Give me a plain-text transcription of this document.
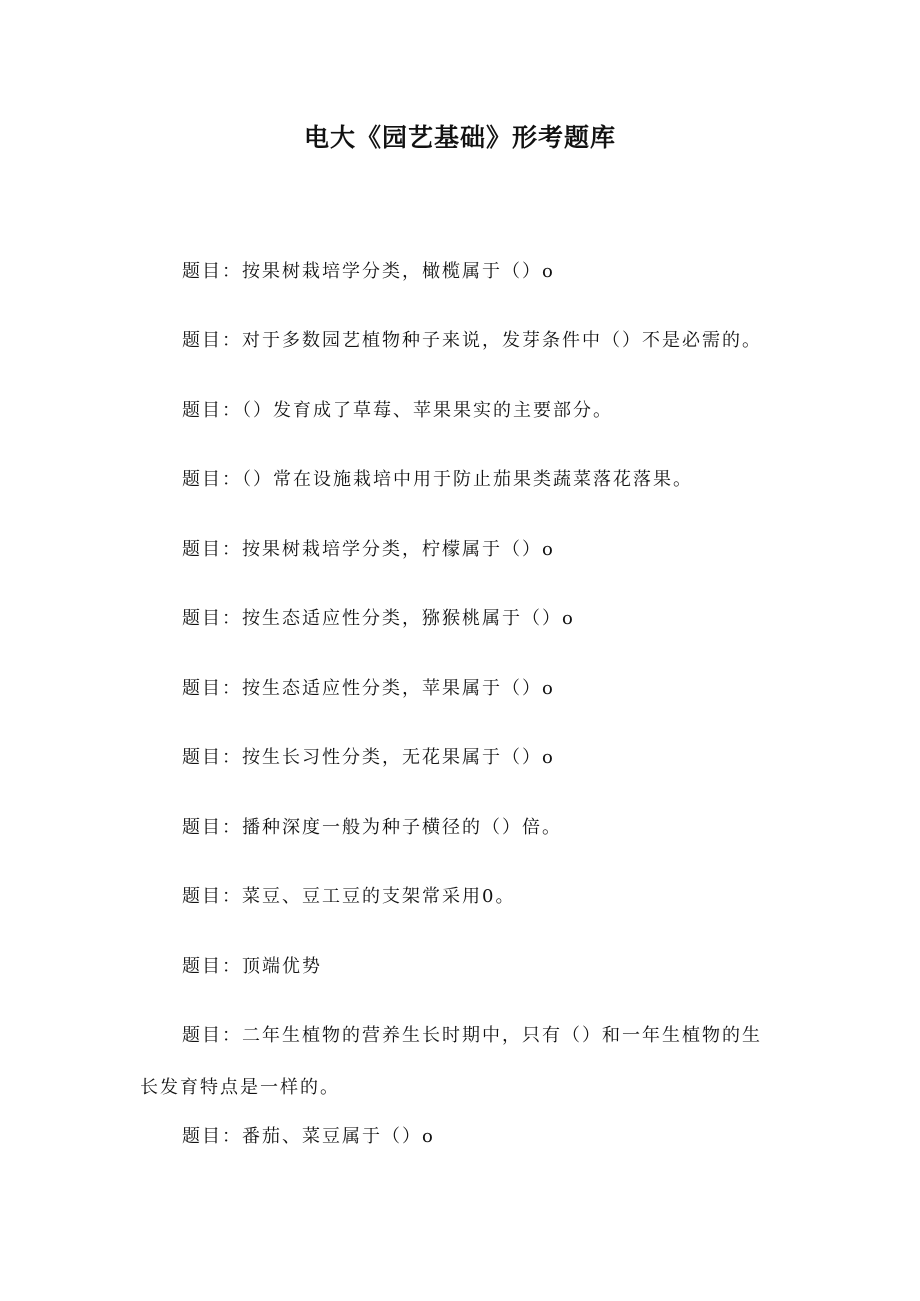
电大《园艺基础》形考题库

题目：按果树栽培学分类，橄榄属于（）o

题目：对于多数园艺植物种子来说，发芽条件中（）不是必需的。

题目：（）发育成了草莓、苹果果实的主要部分。

题目：（）常在设施栽培中用于防止茄果类蔬菜落花落果。

题目：按果树栽培学分类，柠檬属于（）o

题目：按生态适应性分类，猕猴桃属于（）o

题目：按生态适应性分类，苹果属于（）o

题目：按生长习性分类，无花果属于（）o

题目：播种深度一般为种子横径的（）倍。

题目：菜豆、豆工豆的支架常采用0。

题目：顶端优势

题目：二年生植物的营养生长时期中，只有（）和一年生植物的生长发育特点是一样的。

题目：番茄、菜豆属于（）o
